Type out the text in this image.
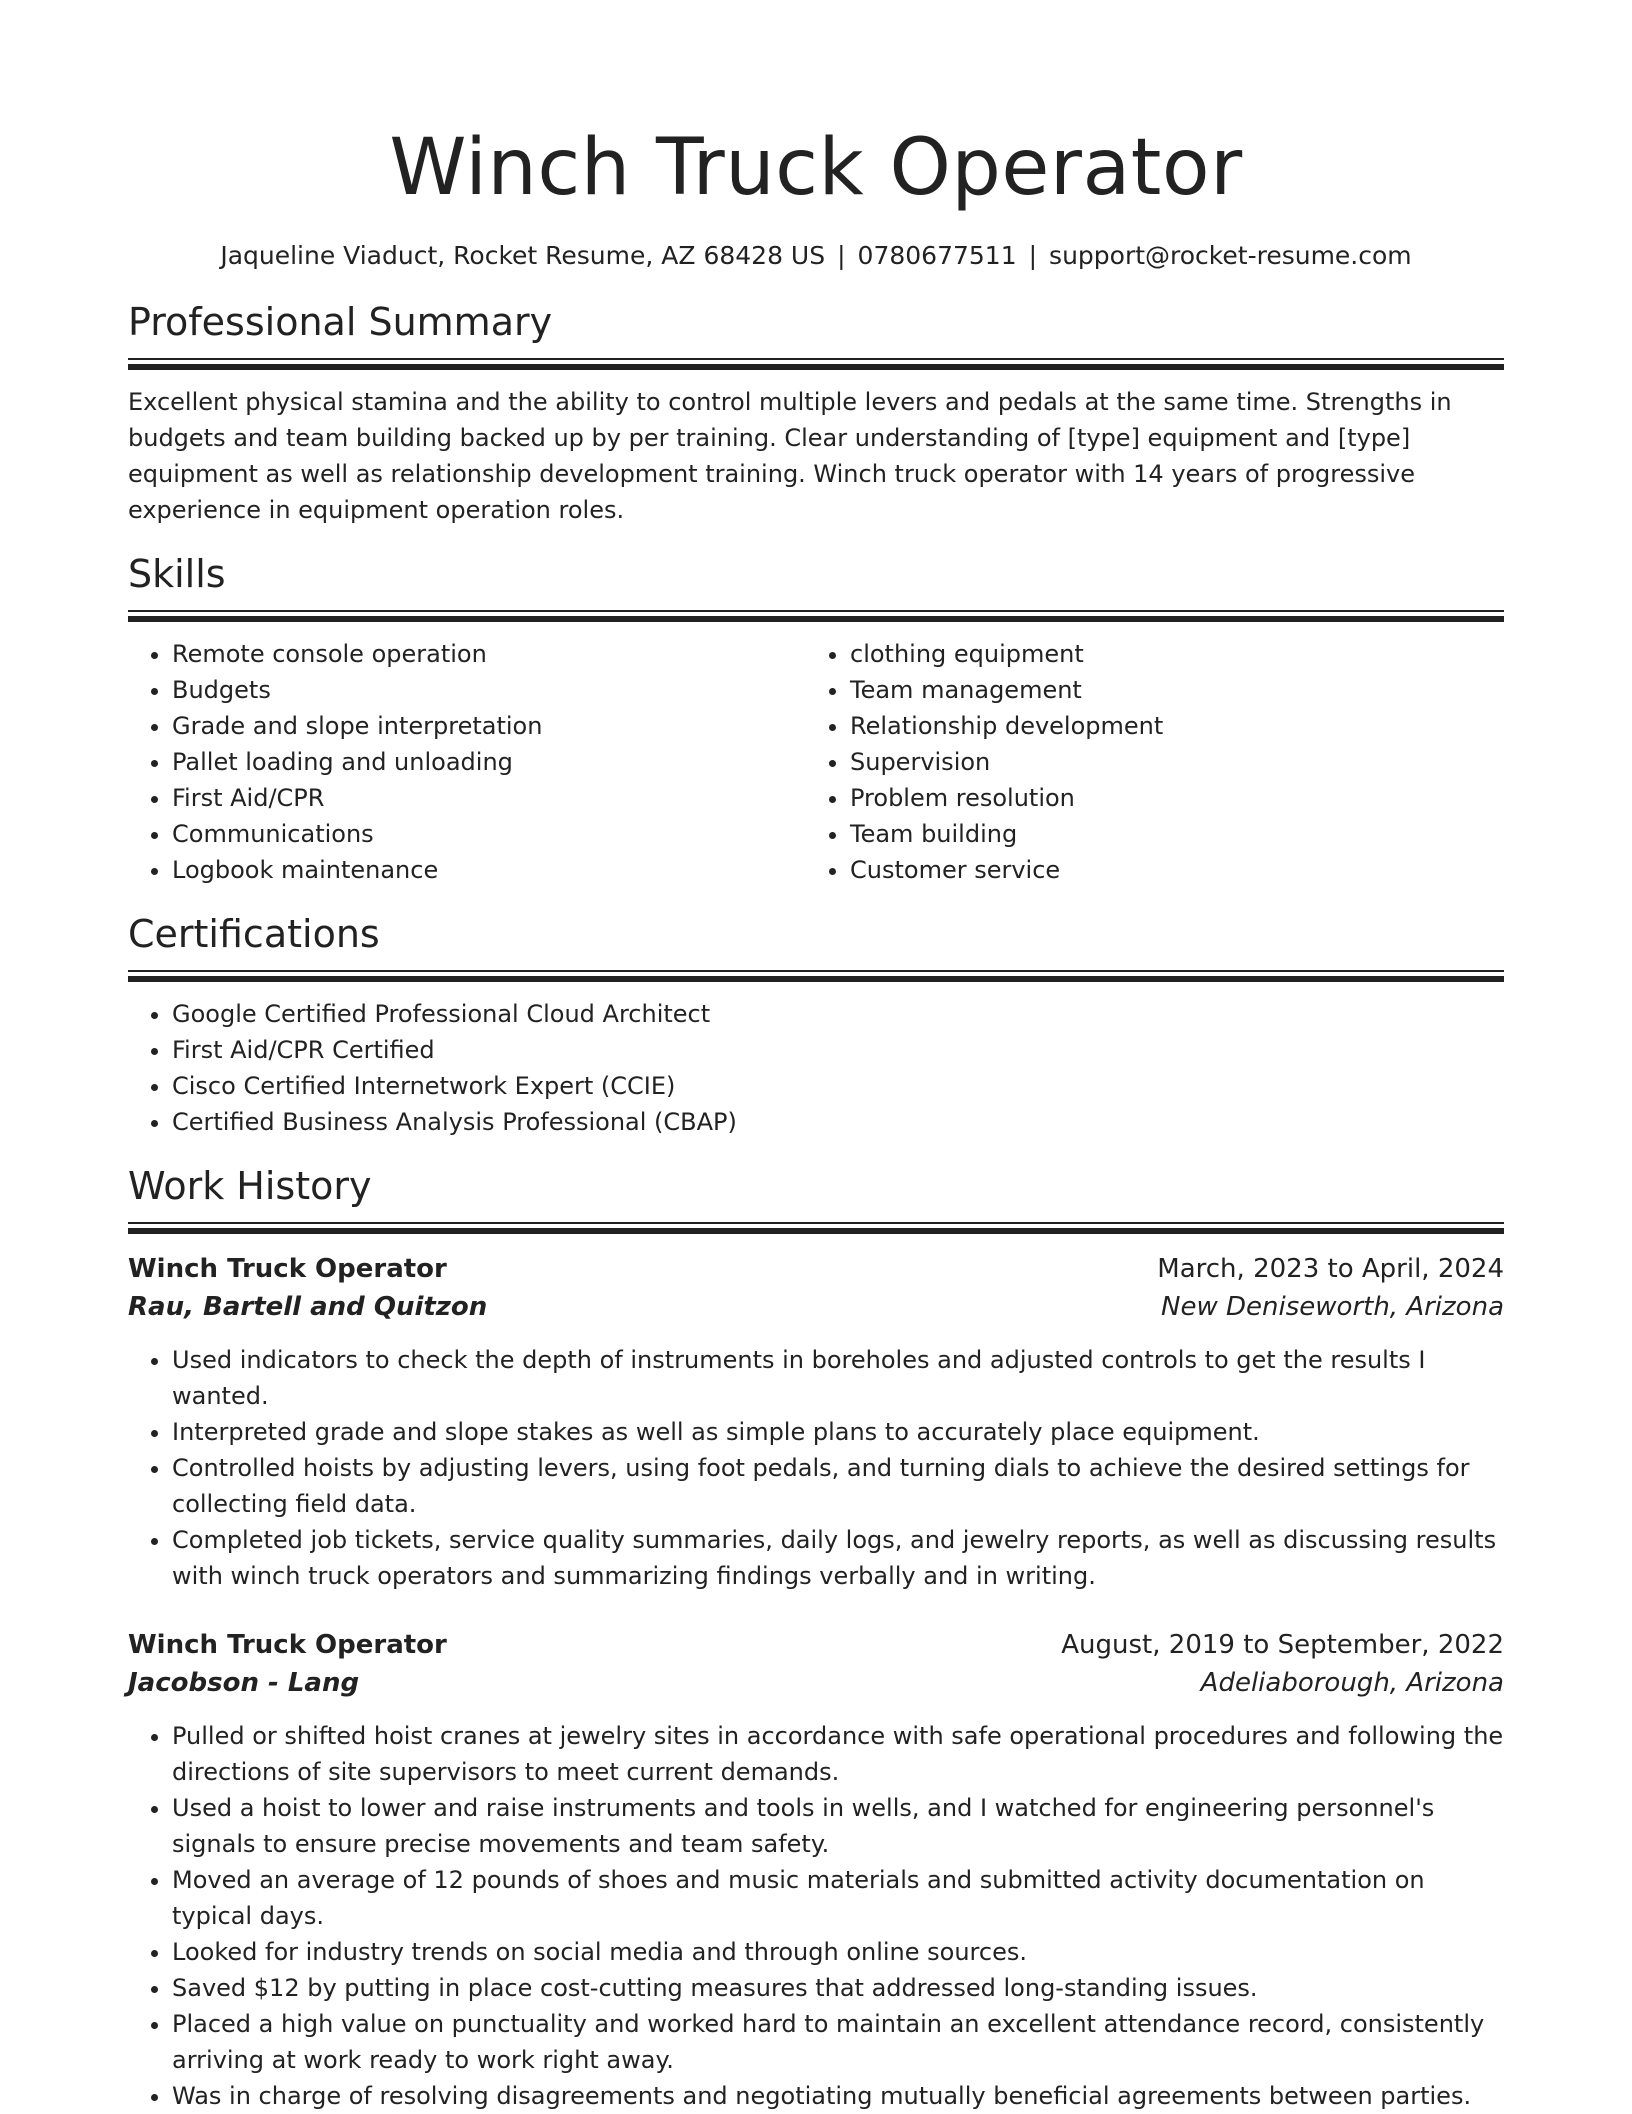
Winch Truck Operator
Jaqueline Viaduct, Rocket Resume, AZ 68428 US | 0780677511 | support@rocket-resume.com
Professional Summary

Excellent physical stamina and the ability to control multiple levers and pedals at the same time. Strengths in budgets and team building backed up by per training. Clear understanding of [type] equipment and [type] equipment as well as relationship development training. Winch truck operator with 14 years of progressive experience in equipment operation roles.

Skills
• Remote console operation
• Budgets
• Grade and slope interpretation
• Pallet loading and unloading
• First Aid/CPR
• Communications
• Logbook maintenance
• clothing equipment
• Team management
• Relationship development
• Supervision
• Problem resolution
• Team building
• Customer service
Certifications
• Google Certified Professional Cloud Architect
• First Aid/CPR Certified
• Cisco Certified Internetwork Expert (CCIE)
• Certified Business Analysis Professional (CBAP)
Work History
Winch Truck Operator	March, 2023 to April, 2024
Rau, Bartell and Quitzon	New Deniseworth, Arizona
• Used indicators to check the depth of instruments in boreholes and adjusted controls to get the results I wanted.
• Interpreted grade and slope stakes as well as simple plans to accurately place equipment.
• Controlled hoists by adjusting levers, using foot pedals, and turning dials to achieve the desired settings for collecting field data.
• Completed job tickets, service quality summaries, daily logs, and jewelry reports, as well as discussing results with winch truck operators and summarizing findings verbally and in writing.
Winch Truck Operator	August, 2019 to September, 2022
Jacobson - Lang	Adeliaborough, Arizona
• Pulled or shifted hoist cranes at jewelry sites in accordance with safe operational procedures and following the directions of site supervisors to meet current demands.
• Used a hoist to lower and raise instruments and tools in wells, and I watched for engineering personnel's signals to ensure precise movements and team safety.
• Moved an average of 12 pounds of shoes and music materials and submitted activity documentation on typical days.
• Looked for industry trends on social media and through online sources.
• Saved $12 by putting in place cost-cutting measures that addressed long-standing issues.
• Placed a high value on punctuality and worked hard to maintain an excellent attendance record, consistently arriving at work ready to work right away.
• Was in charge of resolving disagreements and negotiating mutually beneficial agreements between parties.
